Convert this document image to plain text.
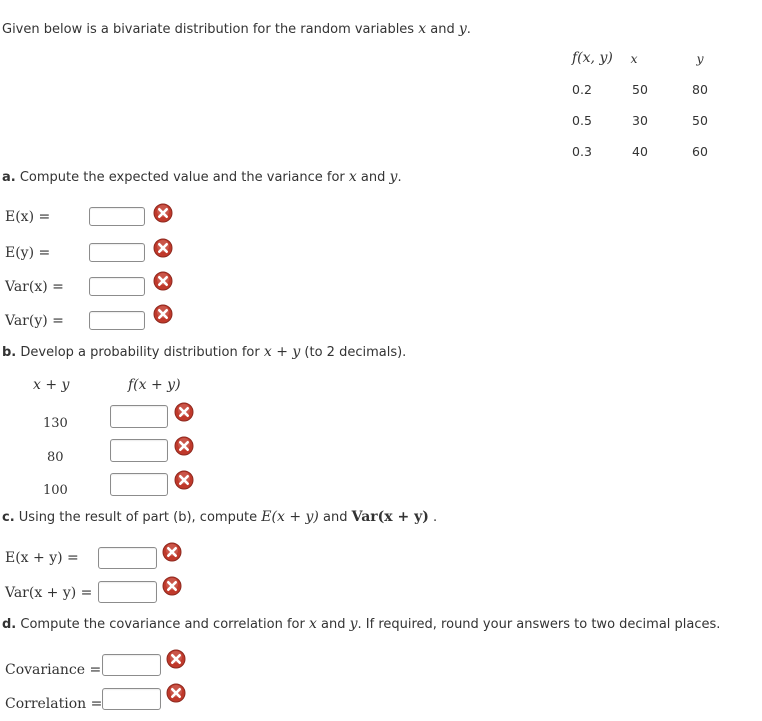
Given below is a bivariate distribution for the random variables x and y.
f(x, y)	x	y
0.2	50	80
0.5	30	50
0.3	40	60
a. Compute the expected value and the variance for x and y.
E(x) =
E(y) =
Var(x) =
Var(y) =
b. Develop a probability distribution for x + y (to 2 decimals).
x + y	f(x + y)
130
80
100
c. Using the result of part (b), compute E(x + y) and Var(x + y) .
E(x + y) =
Var(x + y) =
d. Compute the covariance and correlation for x and y. If required, round your answers to two decimal places.
Covariance =
Correlation =
